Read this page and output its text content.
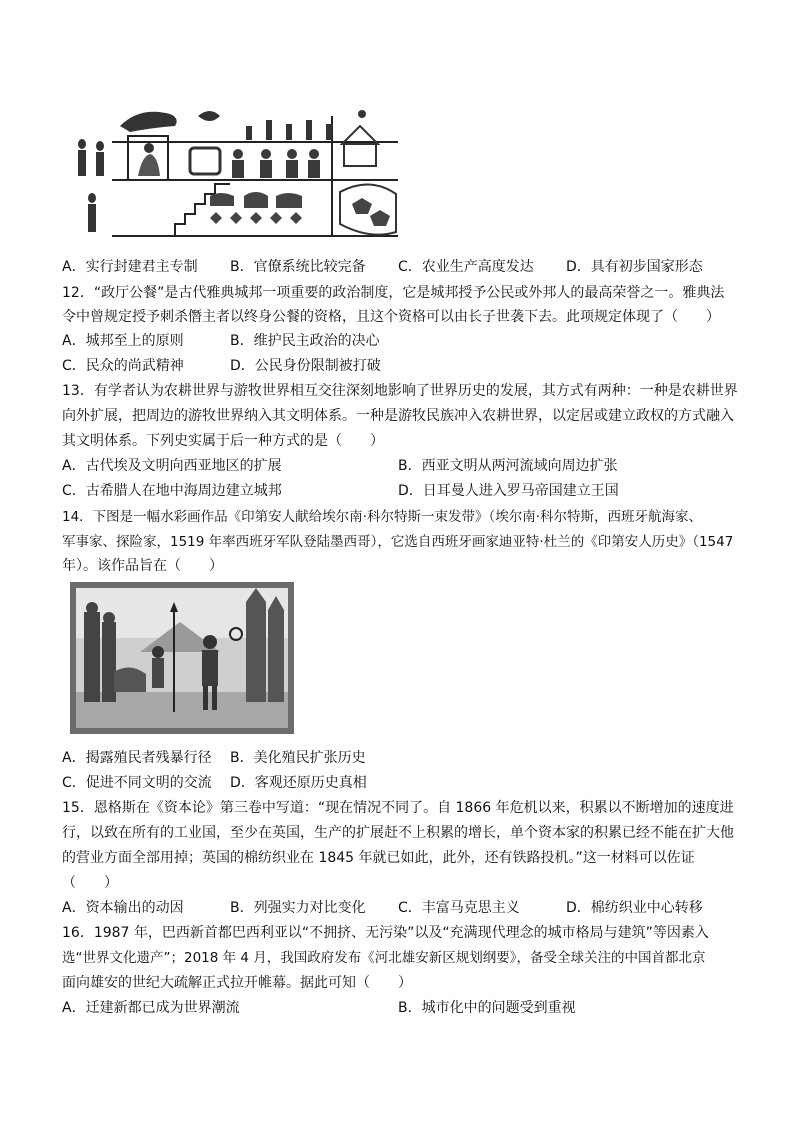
A．实行封建君主专制 B．官僚系统比较完备 C．农业生产高度发达 D．具有初步国家形态
12．“政厅公餐”是古代雅典城邦一项重要的政治制度，它是城邦授予公民或外邦人的最高荣誉之一。雅典法
令中曾规定授予刺杀僭主者以终身公餐的资格，且这个资格可以由长子世袭下去。此项规定体现了（　　）
A．城邦至上的原则	B．维护民主政治的决心
C．民众的尚武精神	D．公民身份限制被打破
13．有学者认为农耕世界与游牧世界相互交往深刻地影响了世界历史的发展，其方式有两种：一种是农耕世界
向外扩展，把周边的游牧世界纳入其文明体系。一种是游牧民族冲入农耕世界，以定居或建立政权的方式融入
其文明体系。下列史实属于后一种方式的是（　　）
A．古代埃及文明向西亚地区的扩展	B．西亚文明从两河流域向周边扩张
C．古希腊人在地中海周边建立城邦	D．日耳曼人进入罗马帝国建立王国
14．下图是一幅水彩画作品《印第安人献给埃尔南·科尔特斯一束发带》（埃尔南·科尔特斯，西班牙航海家、
军事家、探险家，1519 年率西班牙军队登陆墨西哥），它选自西班牙画家迪亚特·杜兰的《印第安人历史》（1547
年）。该作品旨在（　　）
A．揭露殖民者残暴行径 B．美化殖民扩张历史
C．促进不同文明的交流 D．客观还原历史真相
15．恩格斯在《资本论》第三卷中写道：“现在情况不同了。自 1866 年危机以来，积累以不断增加的速度进
行，以致在所有的工业国，至少在英国，生产的扩展赶不上积累的增长，单个资本家的积累已经不能在扩大他
的营业方面全部用掉；英国的棉纺织业在 1845 年就已如此，此外，还有铁路投机。”这一材料可以佐证
（　　）
A．资本输出的动因	B．列强实力对比变化 C．丰富马克思主义	D．棉纺织业中心转移
16．1987 年，巴西新首都巴西利亚以“不拥挤、无污染”以及“充满现代理念的城市格局与建筑”等因素入
选“世界文化遗产”；2018 年 4 月，我国政府发布《河北雄安新区规划纲要》，备受全球关注的中国首都北京
面向雄安的世纪大疏解正式拉开帷幕。据此可知（　　）
A．迁建新都已成为世界潮流	B．城市化中的问题受到重视
